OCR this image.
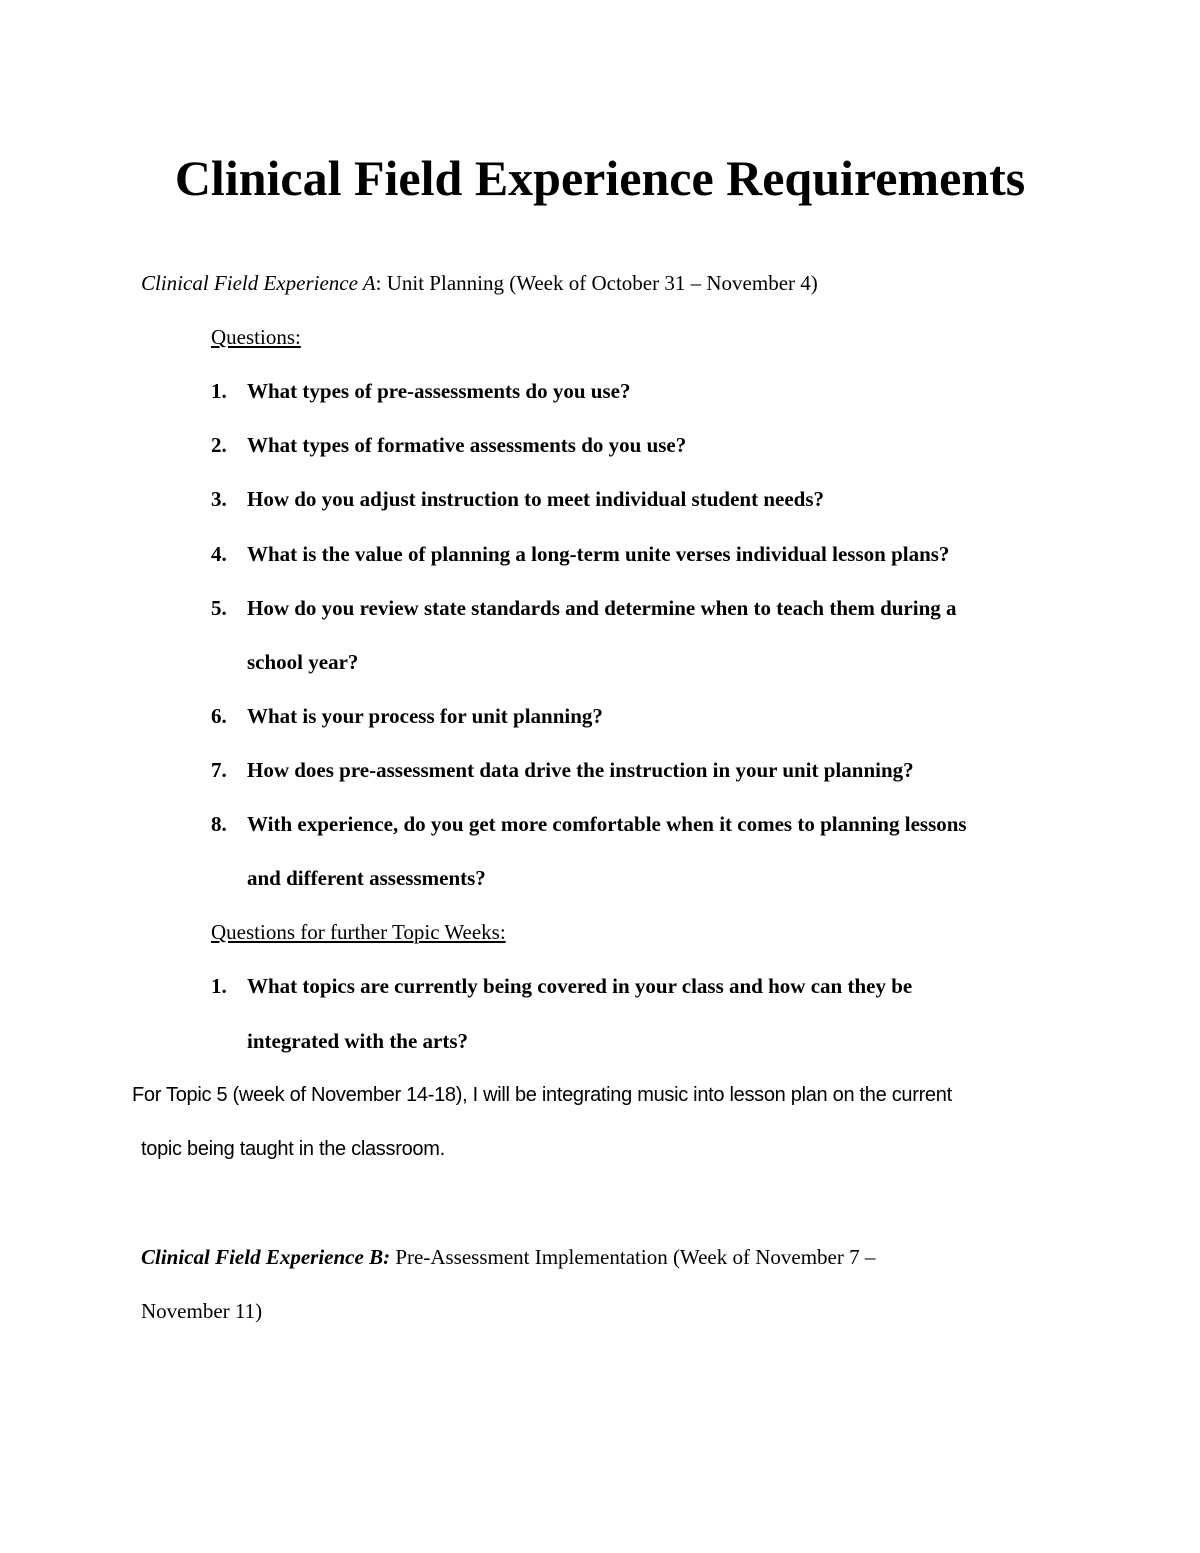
Clinical Field Experience Requirements
Clinical Field Experience A: Unit Planning (Week of October 31 – November 4)
Questions:
1. What types of pre-assessments do you use?
2. What types of formative assessments do you use?
3. How do you adjust instruction to meet individual student needs?
4. What is the value of planning a long-term unite verses individual lesson plans?
5. How do you review state standards and determine when to teach them during a
school year?
6. What is your process for unit planning?
7. How does pre-assessment data drive the instruction in your unit planning?
8. With experience, do you get more comfortable when it comes to planning lessons
and different assessments?
Questions for further Topic Weeks:
1. What topics are currently being covered in your class and how can they be
integrated with the arts?
For Topic 5 (week of November 14-18), I will be integrating music into lesson plan on the current
topic being taught in the classroom.
Clinical Field Experience B: Pre-Assessment Implementation (Week of November 7 –
November 11)
